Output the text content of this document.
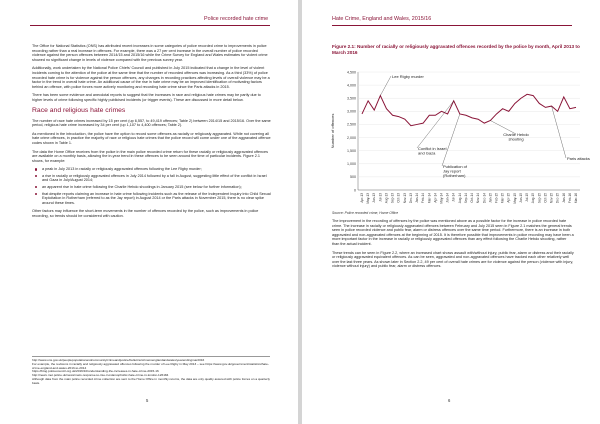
Police recorded hate crime

The Office for National Statistics (ONS) has attributed recent increases in some categories of police recorded crime to improvements in police recording rather than a real increase in offences. For example, there was a 27 per cent increase in the overall number of police recorded violence against the person offences between 2014/15 and 2015/16 while the Crime Survey for England and Wales estimates for violent crime showed no significant change in levels of violence compared with the previous survey year.

Additionally, work undertaken by the National Police Chiefs' Council and published in July 2015 indicated that a change in the level of violent incidents coming to the attention of the police at the same time that the number of recorded offences was increasing. As a third (33%) of police recorded hate crime is for violence against the person offences, any changes in recording practices affecting levels of overall violence may be a factor in the trend in overall hate crime. An additional cause of the rise in hate crime may be an improved identification of motivating factors behind an offence, with police forces more actively monitoring and recording hate crime since the Paris attacks in 2015.

There has been some evidence and anecdotal reports to suggest that the increases in race and religious hate crimes may be partly due to higher levels of crime following specific highly publicised incidents (or trigger events). These are discussed in more detail below.

Race and religious hate crimes

The number of race hate crimes increased by 15 per cent (up 6,557, to 49,419 offences; Table 2) between 2014/15 and 2015/16. Over the same period, religious hate crime increased by 34 per cent (up 1,107 to 4,400 offences; Table 2).

As mentioned in the introduction, the police have the option to record some offences as racially or religiously aggravated. While not covering all hate crime offences, in practice the majority of race or religious hate crimes that the police record will come under one of the aggravated offence codes shown in Table 1.

The data the Home Office receives from the police in the main police recorded crime return for these racially or religiously aggravated offences are available on a monthly basis, allowing the in-year trend in these offences to be seen around the time of particular incidents. Figure 2.1 shows, for example:

a peak in July 2013 in racially or religiously aggravated offences following the Lee Rigby murder;
a rise in racially or religiously aggravated offences in July 2014 followed by a fall in August, suggesting little effect of the conflict in Israel and Gaza in July/August 2014;
an apparent rise in hate crime following the Charlie Hebdo shootings in January 2015 (see below for further information);
that despite reports claiming an increase in hate crime following incidents such as the release of the Independent Inquiry into Child Sexual Exploitation in Rotherham (referred to as the Jay report) in August 2014 or the Paris attacks in November 2015, there is no clear spike around these times.

Other factors may influence the short-term movements in the number of offences recorded by the police, such as improvements in police recording, so trends should be considered with caution.

http://www.ons.gov.uk/peoplepopulationandcommunity/crimeandjustice/bulletins/crimeinenglandandwales/yearendingmar2016

For example, the revisions in racially and religiously aggravated offences following the murder of Lee Rigby in May 2013 – see https://www.gov.uk/government/statistics/hate-crime-england-and-wales-2013-to-2014

https://blog.policecouncil.org.uk/2016/10/understanding-the-increases-in-hate-crime-2015-16

http://news.met.police.uk/news/mets-response-to-rise-in-islamophobic-hate-crime-in-london-126184

Although data from the main police recorded crime collection are sent to the Home Office in monthly returns, the data are only quality assured with police forces on a quarterly basis.

5
Hate Crime, England and Wales, 2015/16
Figure 2.1: Number of racially or religiously aggravated offences recorded by the police by month, April 2013 to March 2016
0
500
1,000
1,500
2,000
2,500
3,000
3,500
4,000
4,500
Apr-13 May-13 Jun-13 Jul-13 Aug-13 Sep-13 Oct-13 Nov-13 Dec-13 Jan-14 Feb-14 Mar-14 Apr-14 May-14 Jun-14 Jul-14 Aug-14 Sep-14 Oct-14 Nov-14 Dec-14 Jan-15 Feb-15 Mar-15 Apr-15 May-15 Jun-15 Jul-15 Aug-15 Sep-15 Oct-15 Nov-15 Dec-15 Jan-16 Feb-16 Mar-16
Number of offences
Lee Rigby murder
Conflict in Israel and Gaza
Publication of Jay report (Rotherham)
Charlie Hebdo shooting
Paris attacks
Source: Police recorded crime, Home Office

The improvement in the recording of offences by the police was mentioned above as a possible factor for the increase in police recorded hate crime. The increase in racially or religiously aggravated offences between February and July 2015 seen in Figure 2.1 matches the general trends seen in police recorded violence and public fear, alarm or distress offences over the same time period. Furthermore, there is an increase in both aggravated and non-aggravated offences at the beginning of 2015. It is therefore possible that improvements in police recording may have been a more important factor in the increase in racially or religiously aggravated offences than any effect following the Charlie Hebdo shooting, rather than the actual incident.

These trends can be seen in Figure 2.2, where an increased chart shows assault with/without injury, public fear, alarm or distress and their racially or religiously aggravated equivalent offences. As can be seen, aggravated and non-aggravated offences have tracked each other relatively well over the last three years. As shown later in Section 2.2, 49 per cent of overall hate crimes are for violence against the person (violence with injury, violence without injury) and public fear, alarm or distress offences.

6
